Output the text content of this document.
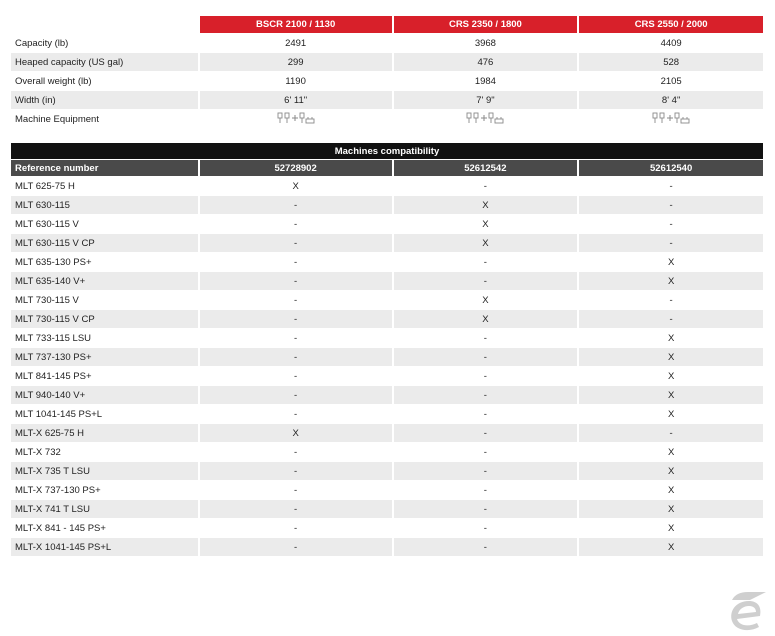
	BSCR 2100 / 1130	CRS 2350 / 1800	CRS 2550 / 2000
Capacity (lb)	2491	3968	4409
Heaped capacity (US gal)	299	476	528
Overall weight (lb)	1190	1984	2105
Width (in)	6' 11"	7' 9"	8' 4"
Machine Equipment	

Machines compatibility			
Reference number	52728902	52612542	52612540
MLT 625-75 H	X	-	-
MLT 630-115	-	X	-
MLT 630-115 V	-	X	-
MLT 630-115 V CP	-	X	-
MLT 635-130 PS+	-	-	X
MLT 635-140 V+	-	-	X
MLT 730-115 V	-	X	-
MLT 730-115 V CP	-	X	-
MLT 733-115 LSU	-	-	X
MLT 737-130 PS+	-	-	X
MLT 841-145 PS+	-	-	X
MLT 940-140 V+	-	-	X
MLT 1041-145 PS+L	-	-	X
MLT-X 625-75 H	X	-	-
MLT-X 732	-	-	X
MLT-X 735 T LSU	-	-	X
MLT-X 737-130 PS+	-	-	X
MLT-X 741 T LSU	-	-	X
MLT-X 841 - 145 PS+	-	-	X
MLT-X 1041-145 PS+L	-	-	X
